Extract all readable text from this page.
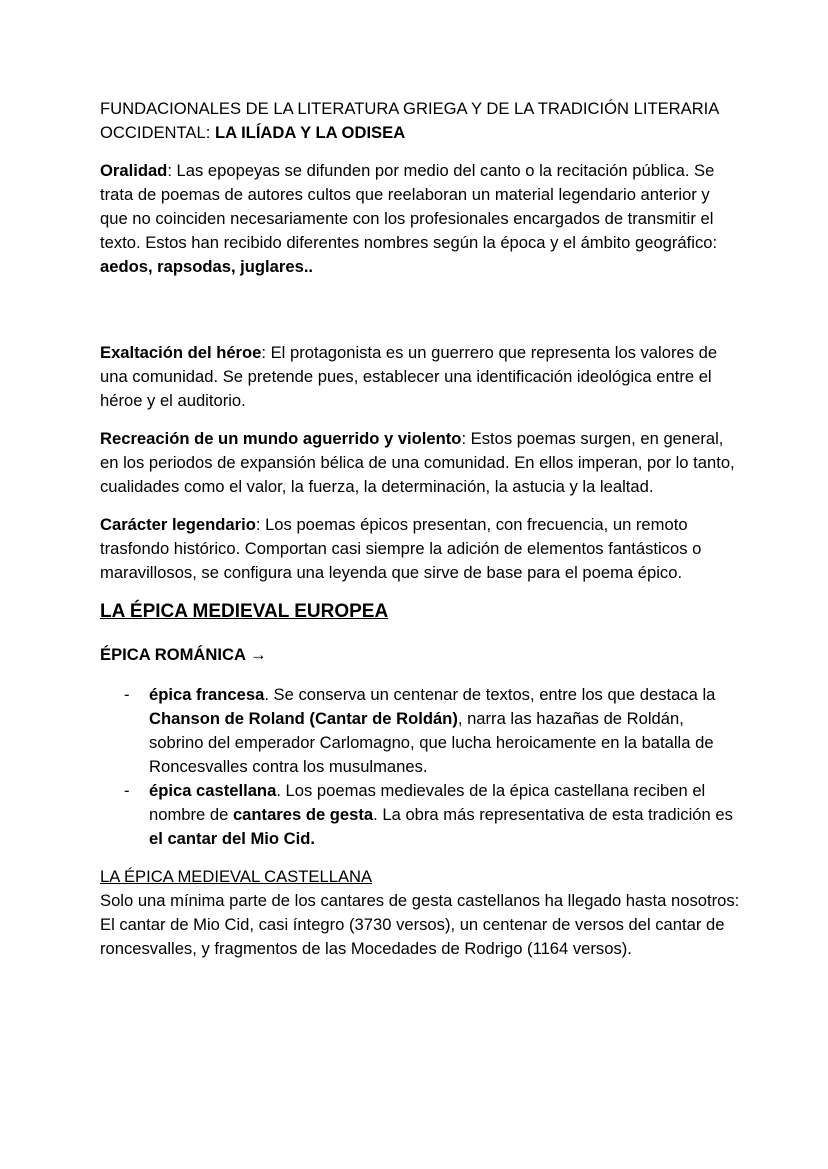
FUNDACIONALES DE LA LITERATURA GRIEGA Y DE LA TRADICIÓN LITERARIA OCCIDENTAL: LA ILÍADA Y LA ODISEA

Oralidad: Las epopeyas se difunden por medio del canto o la recitación pública. Se trata de poemas de autores cultos que reelaboran un material legendario anterior y que no coinciden necesariamente con los profesionales encargados de transmitir el texto. Estos han recibido diferentes nombres según la época y el ámbito geográfico: aedos, rapsodas, juglares..

Exaltación del héroe: El protagonista es un guerrero que representa los valores de una comunidad. Se pretende pues, establecer una identificación ideológica entre el héroe y el auditorio.

Recreación de un mundo aguerrido y violento: Estos poemas surgen, en general, en los periodos de expansión bélica de una comunidad. En ellos imperan, por lo tanto, cualidades como el valor, la fuerza, la determinación, la astucia y la lealtad.

Carácter legendario: Los poemas épicos presentan, con frecuencia, un remoto trasfondo histórico. Comportan casi siempre la adición de elementos fantásticos o maravillosos, se configura una leyenda que sirve de base para el poema épico.

LA ÉPICA MEDIEVAL EUROPEA

ÉPICA ROMÁNICA →

- épica francesa. Se conserva un centenar de textos, entre los que destaca la Chanson de Roland (Cantar de Roldán), narra las hazañas de Roldán, sobrino del emperador Carlomagno, que lucha heroicamente en la batalla de Roncesvalles contra los musulmanes.
- épica castellana. Los poemas medievales de la épica castellana reciben el nombre de cantares de gesta. La obra más representativa de esta tradición es el cantar del Mio Cid.

LA ÉPICA MEDIEVAL CASTELLANA

Solo una mínima parte de los cantares de gesta castellanos ha llegado hasta nosotros: El cantar de Mio Cid, casi íntegro (3730 versos), un centenar de versos del cantar de roncesvalles, y fragmentos de las Mocedades de Rodrigo (1164 versos).
